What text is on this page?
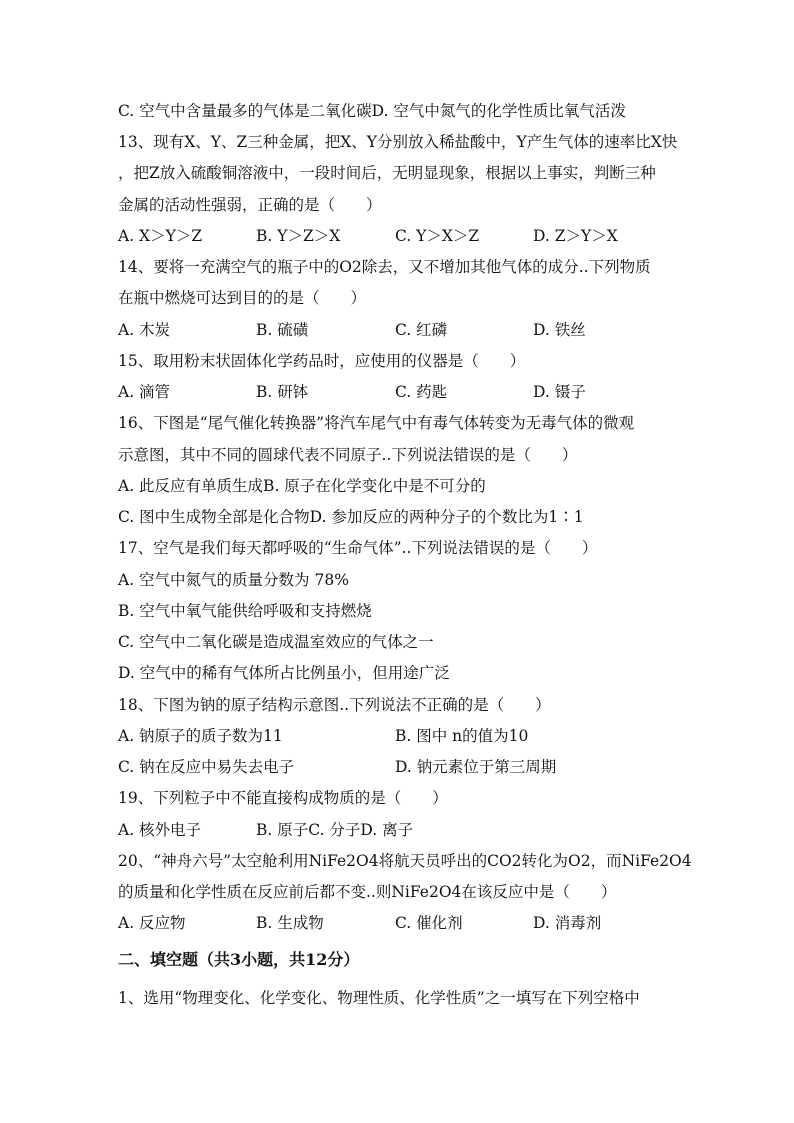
C. 空气中含量最多的气体是二氧化碳D. 空气中氮气的化学性质比氧气活泼
13、现有X、Y、Z三种金属，把X、Y分别放入稀盐酸中，Y产生气体的速率比X快
，把Z放入硫酸铜溶液中，一段时间后，无明显现象，根据以上事实，判断三种
金属的活动性强弱，正确的是（　　）
A. X＞Y＞Z	B. Y＞Z＞X	C. Y＞X＞Z	D. Z＞Y＞X
14、要将一充满空气的瓶子中的O2除去，又不增加其他气体的成分..下列物质
在瓶中燃烧可达到目的的是（　　）
A. 木炭	B. 硫磺	C. 红磷	D. 铁丝
15、取用粉末状固体化学药品时，应使用的仪器是（　　）
A. 滴管	B. 研钵	C. 药匙	D. 镊子
16、下图是“尾气催化转换器”将汽车尾气中有毒气体转变为无毒气体的微观
示意图，其中不同的圆球代表不同原子..下列说法错误的是（　　）
A. 此反应有单质生成B. 原子在化学变化中是不可分的
C. 图中生成物全部是化合物D. 参加反应的两种分子的个数比为1∶1
17、空气是我们每天都呼吸的“生命气体”..下列说法错误的是（　　）
A. 空气中氮气的质量分数为 78%
B. 空气中氧气能供给呼吸和支持燃烧
C. 空气中二氧化碳是造成温室效应的气体之一
D. 空气中的稀有气体所占比例虽小，但用途广泛
18、下图为钠的原子结构示意图..下列说法不正确的是（　　）
A. 钠原子的质子数为11	B. 图中 n的值为10
C. 钠在反应中易失去电子	D. 钠元素位于第三周期
19、下列粒子中不能直接构成物质的是（　　）
A. 核外电子	B. 原子C. 分子D. 离子
20、“神舟六号”太空舱利用NiFe2O4将航天员呼出的CO2转化为O2，而NiFe2O4
的质量和化学性质在反应前后都不变..则NiFe2O4在该反应中是（　　）
A. 反应物	B. 生成物	C. 催化剂	D. 消毒剂
二、填空题（共3小题，共12分）
1、选用“物理变化、化学变化、物理性质、化学性质”之一填写在下列空格中
